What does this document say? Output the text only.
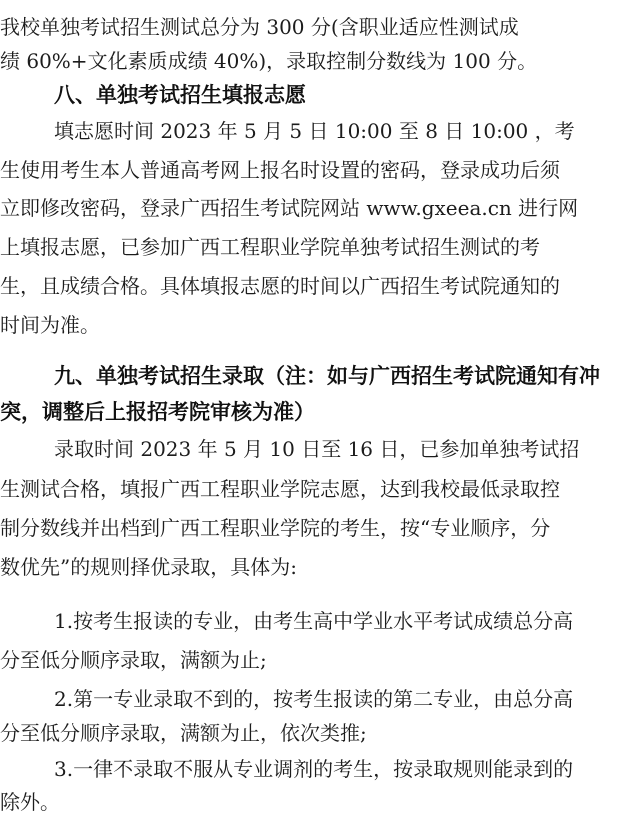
我校单独考试招生测试总分为 300 分(含职业适应性测试成
绩 60%+文化素质成绩 40%)，录取控制分数线为 100 分。
八、单独考试招生填报志愿
填志愿时间 2023 年 5 月 5 日 10:00 至 8 日 10:00 ，考
生使用考生本人普通高考网上报名时设置的密码，登录成功后须
立即修改密码，登录广西招生考试院网站 www.gxeea.cn 进行网
上填报志愿，已参加广西工程职业学院单独考试招生测试的考
生，且成绩合格。具体填报志愿的时间以广西招生考试院通知的
时间为准。
九、单独考试招生录取（注：如与广西招生考试院通知有冲
突，调整后上报招考院审核为准）
录取时间 2023 年 5 月 10 日至 16 日，已参加单独考试招
生测试合格，填报广西工程职业学院志愿，达到我校最低录取控
制分数线并出档到广西工程职业学院的考生，按“专业顺序，分
数优先”的规则择优录取，具体为:
1.按考生报读的专业，由考生高中学业水平考试成绩总分高
分至低分顺序录取，满额为止;
2.第一专业录取不到的，按考生报读的第二专业，由总分高
分至低分顺序录取，满额为止，依次类推;
3.一律不录取不服从专业调剂的考生，按录取规则能录到的
除外。
